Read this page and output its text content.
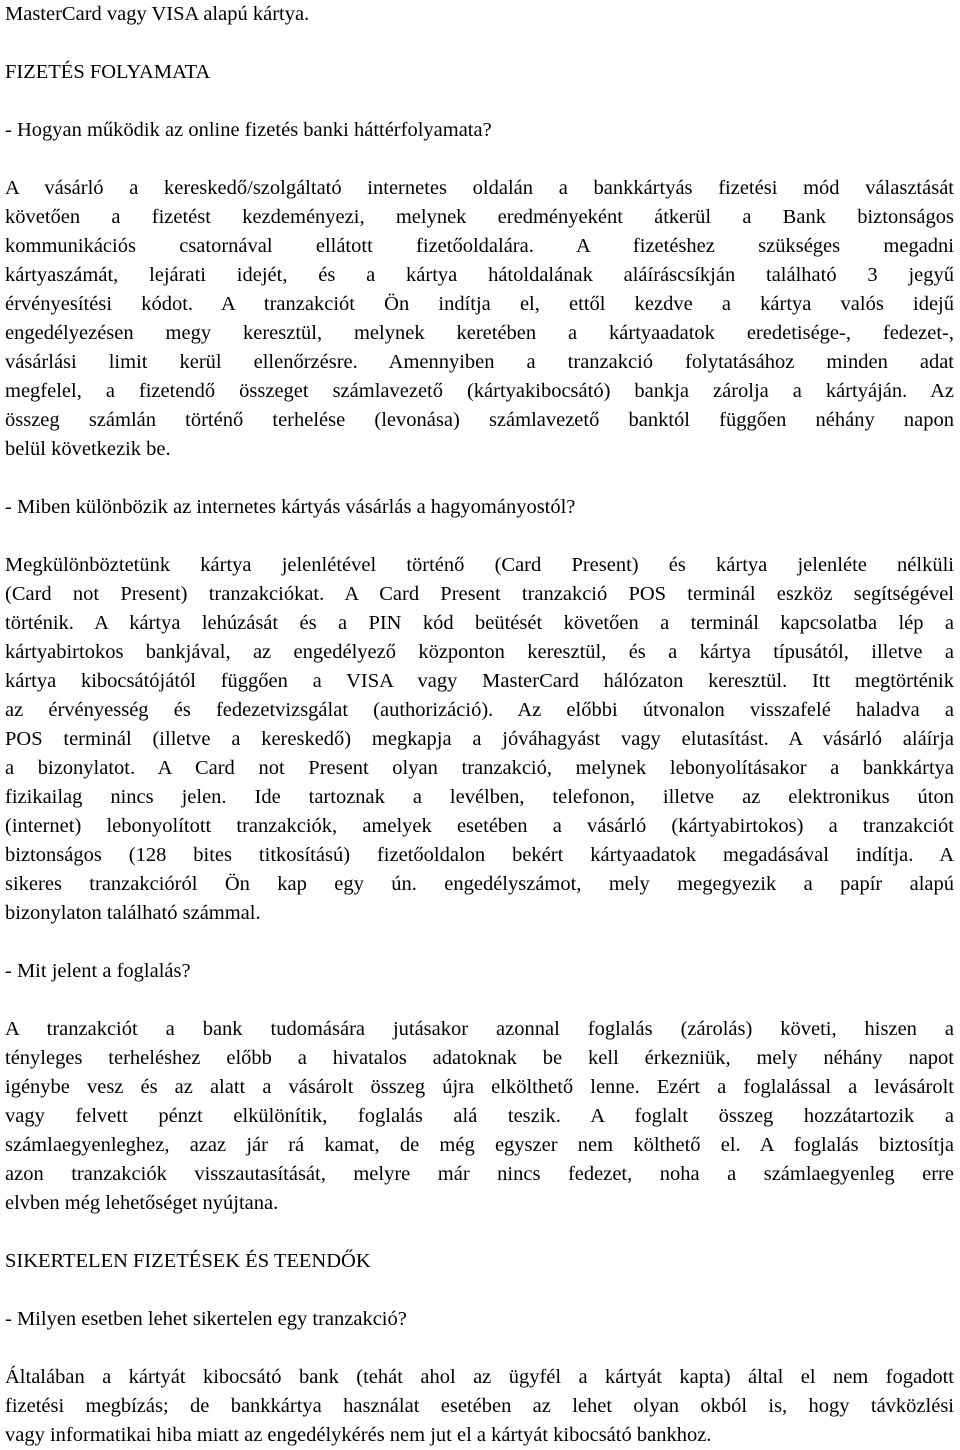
MasterCard vagy VISA alapú kártya.

FIZETÉS FOLYAMATA

- Hogyan működik az online fizetés banki háttérfolyamata?

A vásárló a kereskedő/szolgáltató internetes oldalán a bankkártyás fizetési mód választását
követően a fizetést kezdeményezi, melynek eredményeként átkerül a Bank biztonságos
kommunikációs csatornával ellátott fizetőoldalára. A fizetéshez szükséges megadni
kártyaszámát, lejárati idejét, és a kártya hátoldalának aláíráscsíkján található 3 jegyű
érvényesítési kódot. A tranzakciót Ön indítja el, ettől kezdve a kártya valós idejű
engedélyezésen megy keresztül, melynek keretében a kártyaadatok eredetisége-, fedezet-,
vásárlási limit kerül ellenőrzésre. Amennyiben a tranzakció folytatásához minden adat
megfelel, a fizetendő összeget számlavezető (kártyakibocsátó) bankja zárolja a kártyáján. Az
összeg számlán történő terhelése (levonása) számlavezető banktól függően néhány napon
belül következik be.

- Miben különbözik az internetes kártyás vásárlás a hagyományostól?

Megkülönböztetünk kártya jelenlétével történő (Card Present) és kártya jelenléte nélküli
(Card not Present) tranzakciókat. A Card Present tranzakció POS terminál eszköz segítségével
történik. A kártya lehúzását és a PIN kód beütését követően a terminál kapcsolatba lép a
kártyabirtokos bankjával, az engedélyező központon keresztül, és a kártya típusától, illetve a
kártya kibocsátójától függően a VISA vagy MasterCard hálózaton keresztül. Itt megtörténik
az érvényesség és fedezetvizsgálat (authorizáció). Az előbbi útvonalon visszafelé haladva a
POS terminál (illetve a kereskedő) megkapja a jóváhagyást vagy elutasítást. A vásárló aláírja
a bizonylatot. A Card not Present olyan tranzakció, melynek lebonyolításakor a bankkártya
fizikailag nincs jelen. Ide tartoznak a levélben, telefonon, illetve az elektronikus úton
(internet) lebonyolított tranzakciók, amelyek esetében a vásárló (kártyabirtokos) a tranzakciót
biztonságos (128 bites titkosítású) fizetőoldalon bekért kártyaadatok megadásával indítja. A
sikeres tranzakcióról Ön kap egy ún. engedélyszámot, mely megegyezik a papír alapú
bizonylaton található számmal.

- Mit jelent a foglalás?

A tranzakciót a bank tudomására jutásakor azonnal foglalás (zárolás) követi, hiszen a
tényleges terheléshez előbb a hivatalos adatoknak be kell érkezniük, mely néhány napot
igénybe vesz és az alatt a vásárolt összeg újra elkölthető lenne. Ezért a foglalással a levásárolt
vagy felvett pénzt elkülönítik, foglalás alá teszik. A foglalt összeg hozzátartozik a
számlaegyenleghez, azaz jár rá kamat, de még egyszer nem költhető el. A foglalás biztosítja
azon tranzakciók visszautasítását, melyre már nincs fedezet, noha a számlaegyenleg erre
elvben még lehetőséget nyújtana.

SIKERTELEN FIZETÉSEK ÉS TEENDŐK

- Milyen esetben lehet sikertelen egy tranzakció?

Általában a kártyát kibocsátó bank (tehát ahol az ügyfél a kártyát kapta) által el nem fogadott
fizetési megbízás; de bankkártya használat esetében az lehet olyan okból is, hogy távközlési
vagy informatikai hiba miatt az engedélykérés nem jut el a kártyát kibocsátó bankhoz.
